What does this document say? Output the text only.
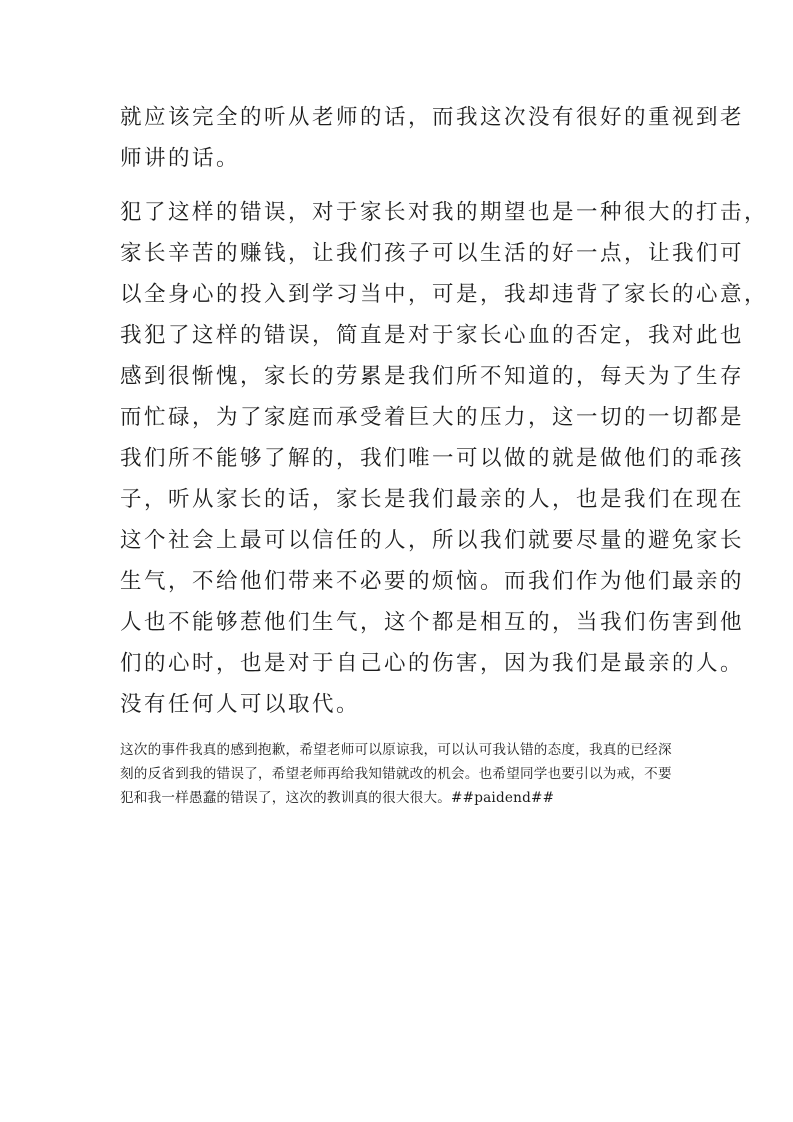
就应该完全的听从老师的话，而我这次没有很好的重视到老
师讲的话。
犯了这样的错误，对于家长对我的期望也是一种很大的打击，
家长辛苦的赚钱，让我们孩子可以生活的好一点，让我们可
以全身心的投入到学习当中，可是，我却违背了家长的心意，
我犯了这样的错误，简直是对于家长心血的否定，我对此也
感到很惭愧，家长的劳累是我们所不知道的，每天为了生存
而忙碌，为了家庭而承受着巨大的压力，这一切的一切都是
我们所不能够了解的，我们唯一可以做的就是做他们的乖孩
子，听从家长的话，家长是我们最亲的人，也是我们在现在
这个社会上最可以信任的人，所以我们就要尽量的避免家长
生气，不给他们带来不必要的烦恼。而我们作为他们最亲的
人也不能够惹他们生气，这个都是相互的，当我们伤害到他
们的心时，也是对于自己心的伤害，因为我们是最亲的人。
没有任何人可以取代。
这次的事件我真的感到抱歉，希望老师可以原谅我，可以认可我认错的态度，我真的已经深
刻的反省到我的错误了，希望老师再给我知错就改的机会。也希望同学也要引以为戒，不要
犯和我一样愚蠢的错误了，这次的教训真的很大很大。##paidend##
